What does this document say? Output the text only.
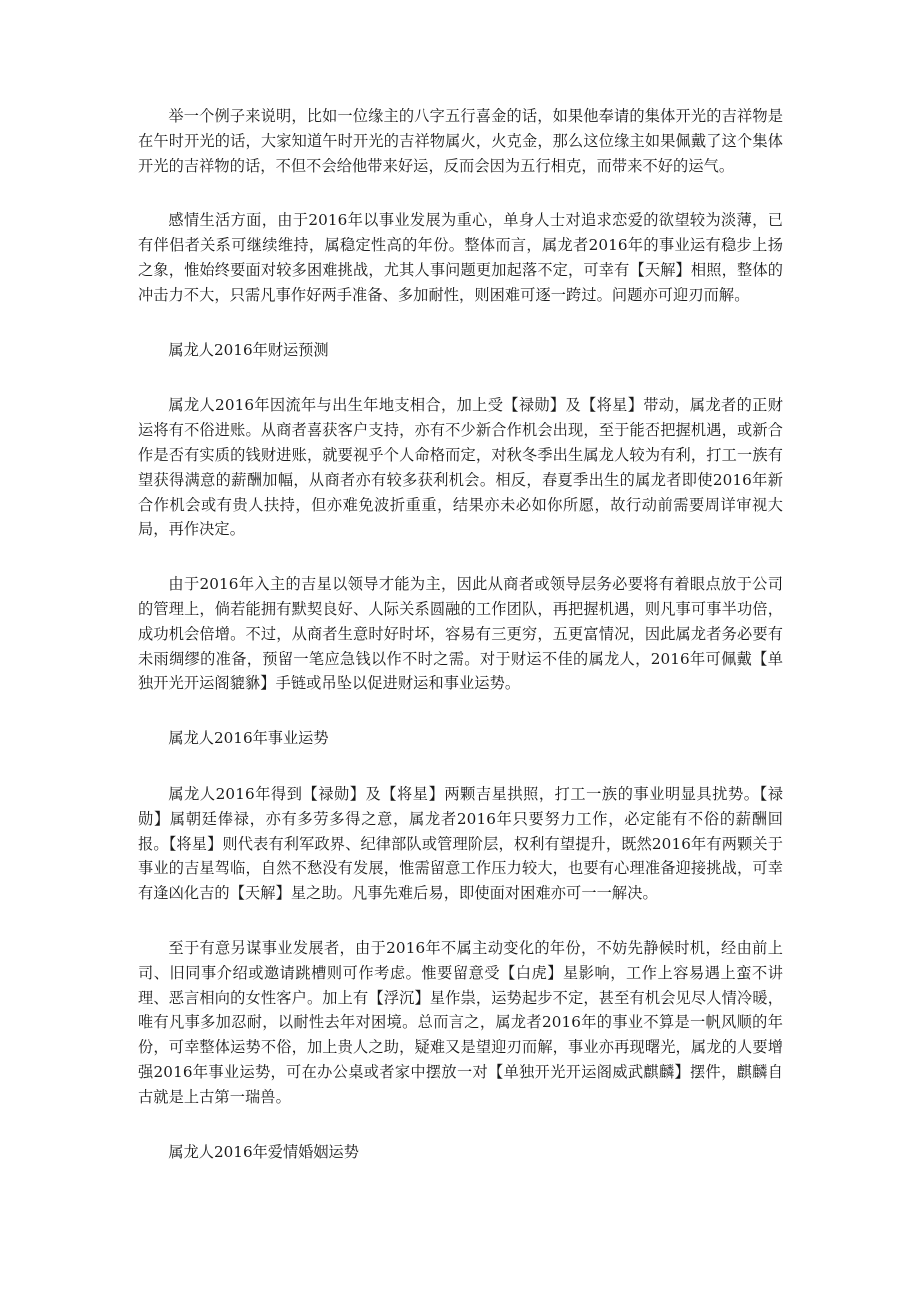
举一个例子来说明，比如一位缘主的八字五行喜金的话，如果他奉请的集体开光的吉祥物是在午时开光的话，大家知道午时开光的吉祥物属火，火克金，那么这位缘主如果佩戴了这个集体开光的吉祥物的话，不但不会给他带来好运，反而会因为五行相克，而带来不好的运气。

感情生活方面，由于2016年以事业发展为重心，单身人士对追求恋爱的欲望较为淡薄，已有伴侣者关系可继续维持，属稳定性高的年份。整体而言，属龙者2016年的事业运有稳步上扬之象，惟始终要面对较多困难挑战，尤其人事问题更加起落不定，可幸有【天解】相照，整体的冲击力不大，只需凡事作好两手准备、多加耐性，则困难可逐一跨过。问题亦可迎刃而解。

属龙人2016年财运预测

属龙人2016年因流年与出生年地支相合，加上受【禄勋】及【将星】带动，属龙者的正财运将有不俗进账。从商者喜获客户支持，亦有不少新合作机会出现，至于能否把握机遇，或新合作是否有实质的钱财进账，就要视乎个人命格而定，对秋冬季出生属龙人较为有利，打工一族有望获得满意的薪酬加幅，从商者亦有较多获利机会。相反，春夏季出生的属龙者即使2016年新合作机会或有贵人扶持，但亦难免波折重重，结果亦未必如你所愿，故行动前需要周详审视大局，再作决定。

由于2016年入主的吉星以领导才能为主，因此从商者或领导层务必要将有着眼点放于公司的管理上，倘若能拥有默契良好、人际关系圆融的工作团队，再把握机遇，则凡事可事半功倍，成功机会倍增。不过，从商者生意时好时坏，容易有三更穷，五更富情况，因此属龙者务必要有未雨绸缪的准备，预留一笔应急钱以作不时之需。对于财运不佳的属龙人，2016年可佩戴【单独开光开运阁貔貅】手链或吊坠以促进财运和事业运势。

属龙人2016年事业运势

属龙人2016年得到【禄勋】及【将星】两颗吉星拱照，打工一族的事业明显具扰势。【禄勋】属朝廷俸禄，亦有多劳多得之意，属龙者2016年只要努力工作，必定能有不俗的薪酬回报。【将星】则代表有利军政界、纪律部队或管理阶层，权利有望提升，既然2016年有两颗关于事业的吉星驾临，自然不愁没有发展，惟需留意工作压力较大，也要有心理准备迎接挑战，可幸有逢凶化吉的【天解】星之助。凡事先难后易，即使面对困难亦可一一解决。

至于有意另谋事业发展者，由于2016年不属主动变化的年份，不妨先静候时机，经由前上司、旧同事介绍或邀请跳槽则可作考虑。惟要留意受【白虎】星影响，工作上容易遇上蛮不讲理、恶言相向的女性客户。加上有【浮沉】星作祟，运势起步不定，甚至有机会见尽人情冷暖，唯有凡事多加忍耐，以耐性去年对困境。总而言之，属龙者2016年的事业不算是一帆风顺的年份，可幸整体运势不俗，加上贵人之助，疑难又是望迎刃而解，事业亦再现曙光，属龙的人要增强2016年事业运势，可在办公桌或者家中摆放一对【单独开光开运阁威武麒麟】摆件，麒麟自古就是上古第一瑞兽。

属龙人2016年爱情婚姻运势
